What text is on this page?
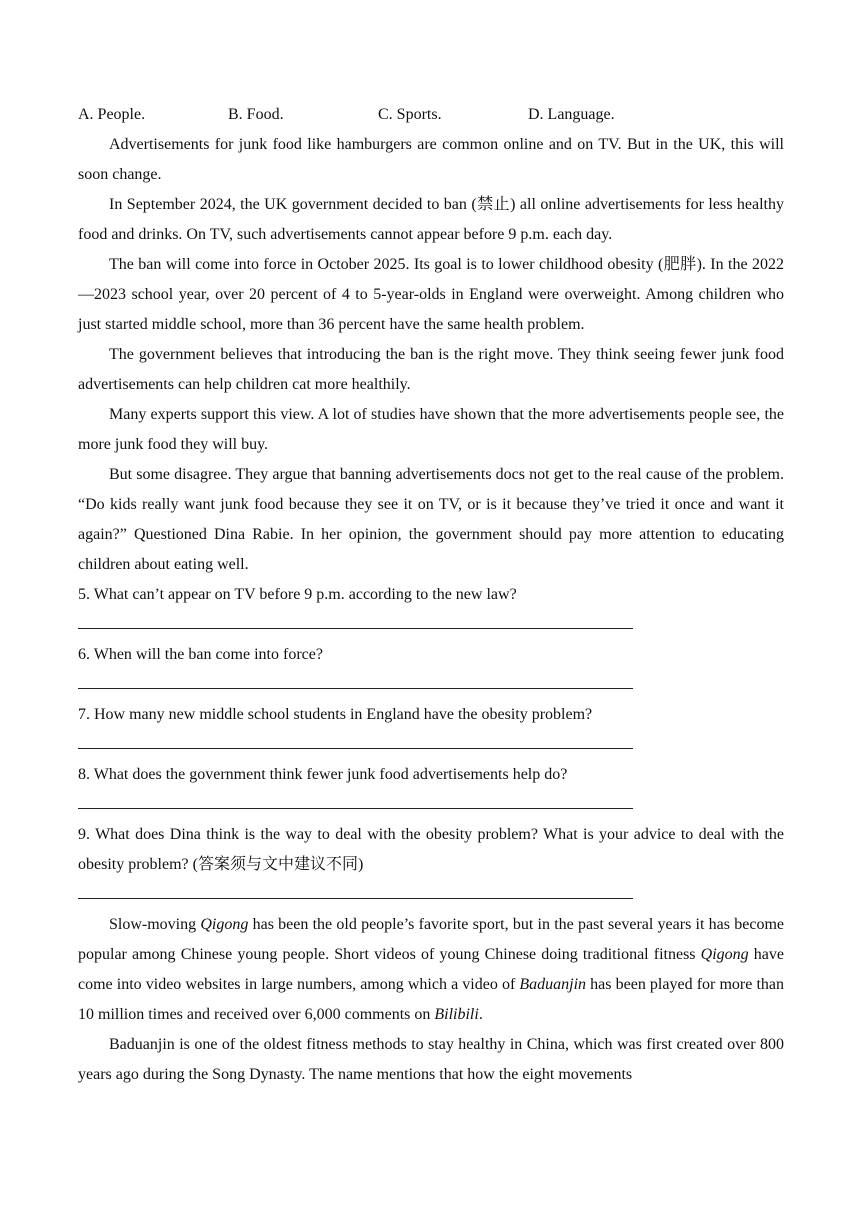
A. People.	B. Food.	C. Sports.	D. Language.

Advertisements for junk food like hamburgers are common online and on TV. But in the UK, this will soon change.

In September 2024, the UK government decided to ban (禁止) all online advertisements for less healthy food and drinks. On TV, such advertisements cannot appear before 9 p.m. each day.

The ban will come into force in October 2025. Its goal is to lower childhood obesity (肥胖). In the 2022—2023 school year, over 20 percent of 4 to 5-year-olds in England were overweight. Among children who just started middle school, more than 36 percent have the same health problem.

The government believes that introducing the ban is the right move. They think seeing fewer junk food advertisements can help children cat more healthily.

Many experts support this view. A lot of studies have shown that the more advertisements people see, the more junk food they will buy.

But some disagree. They argue that banning advertisements docs not get to the real cause of the problem. “Do kids really want junk food because they see it on TV, or is it because they’ve tried it once and want it again?” Questioned Dina Rabie. In her opinion, the government should pay more attention to educating children about eating well.

5. What can’t appear on TV before 9 p.m. according to the new law?

6. When will the ban come into force?

7. How many new middle school students in England have the obesity problem?

8. What does the government think fewer junk food advertisements help do?

9. What does Dina think is the way to deal with the obesity problem? What is your advice to deal with the obesity problem? (答案须与文中建议不同)

Slow-moving Qigong has been the old people’s favorite sport, but in the past several years it has become popular among Chinese young people. Short videos of young Chinese doing traditional fitness Qigong have come into video websites in large numbers, among which a video of Baduanjin has been played for more than 10 million times and received over 6,000 comments on Bilibili.

Baduanjin is one of the oldest fitness methods to stay healthy in China, which was first created over 800 years ago during the Song Dynasty. The name mentions that how the eight movements
